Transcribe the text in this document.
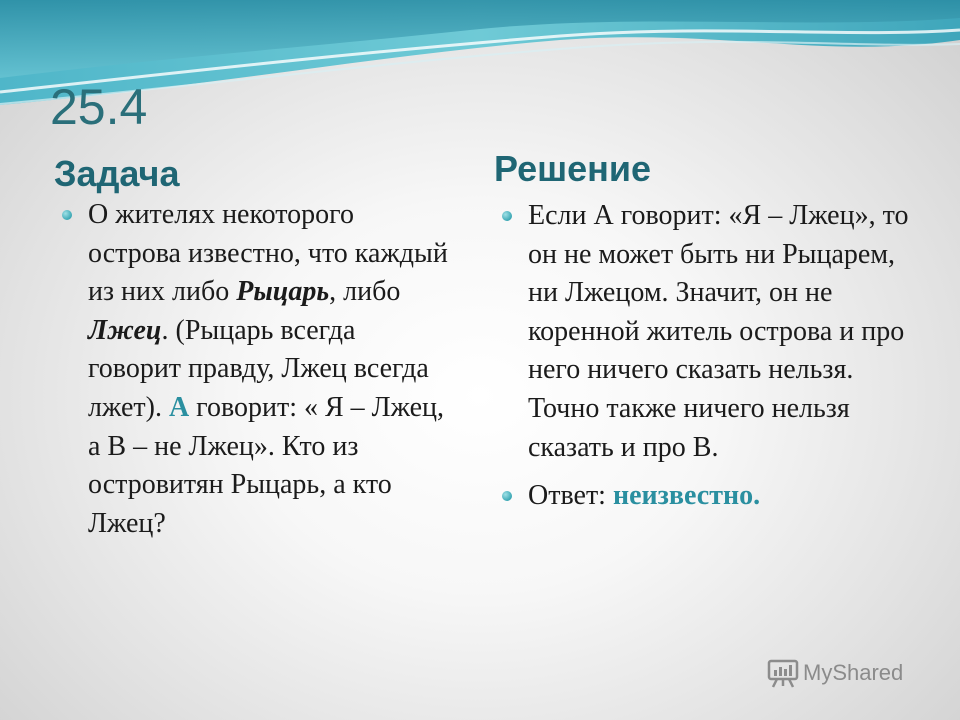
25.4
Задача	Решение
О жителях некоторого острова известно, что каждый из них либо Рыцарь, либо Лжец. (Рыцарь всегда говорит правду, Лжец всегда лжет). А говорит: « Я – Лжец, а В – не Лжец». Кто из островитян Рыцарь, а кто Лжец?
Если А говорит: «Я – Лжец», то он не может быть ни Рыцарем, ни Лжецом. Значит, он не коренной житель острова и про него ничего сказать нельзя. Точно также ничего нельзя сказать и про В.
Ответ: неизвестно.
MyShared
